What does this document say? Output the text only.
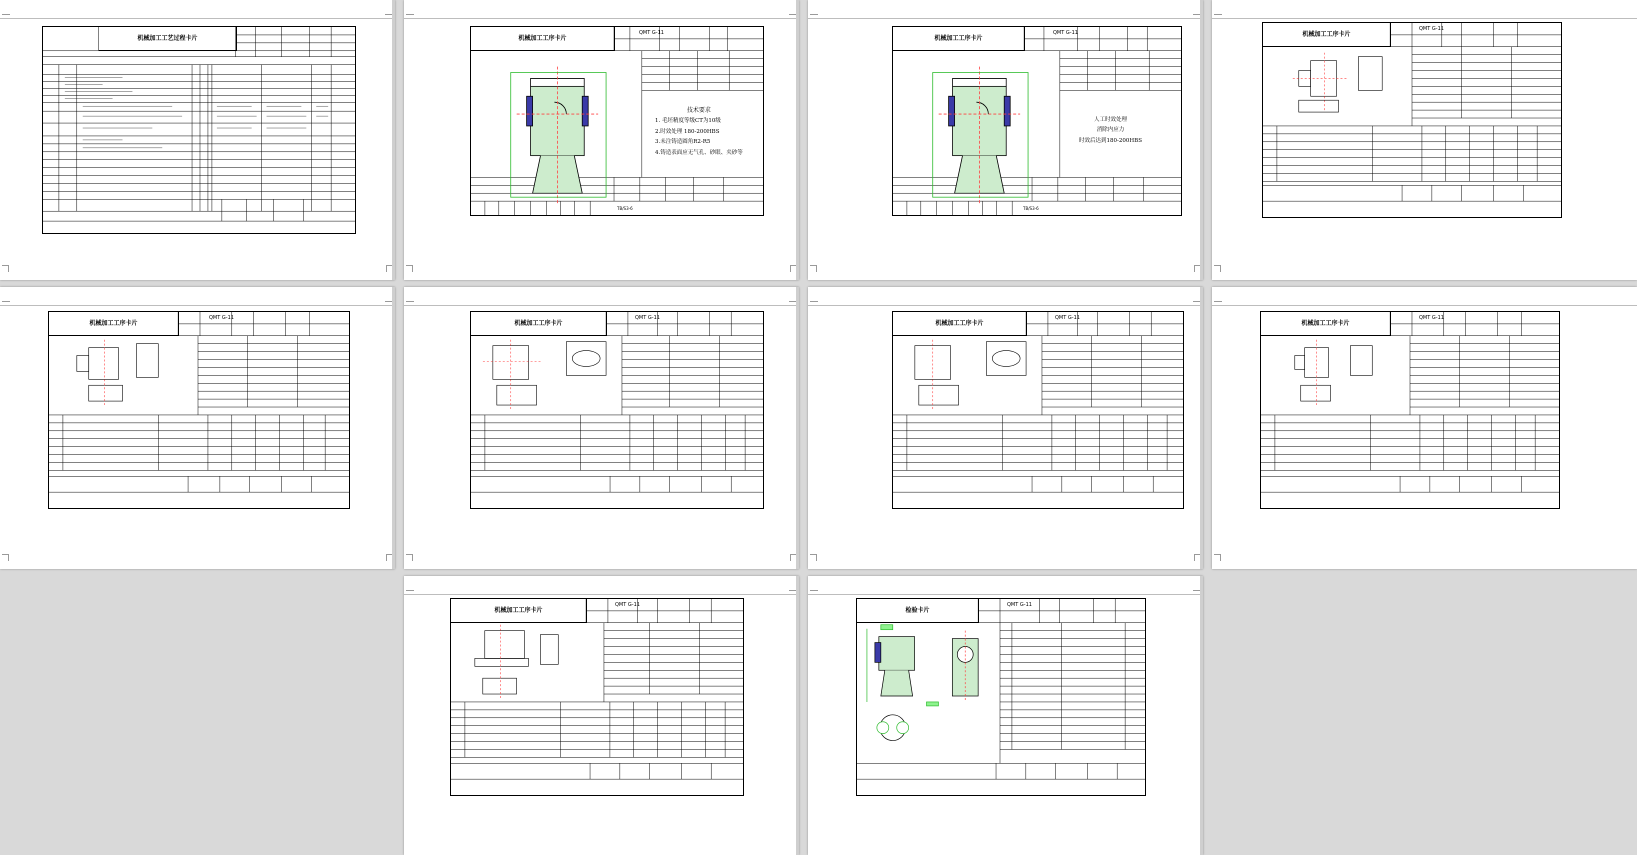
机械加工工艺过程卡片	机械加工工序卡片
QMT G-11
技术要求
1. 毛坯精度等级CT为10级
2.时效处理 180-200HBS
3.未注铸造圆角R2-R5
4.铸造表面应无气孔、砂眼、夹砂等
TB/S3-6
机械加工工序卡片
QMT G-11
人工时效处理
消除内应力
时效后达到180-200HBS
TB/S3-6
机械加工工序卡片
QMT G-11
机械加工工序卡片
QMT G-11
机械加工工序卡片
QMT G-11
机械加工工序卡片
QMT G-11
机械加工工序卡片
QMT G-11
机械加工工序卡片
QMT G-11
检验卡片
QMT G-11
